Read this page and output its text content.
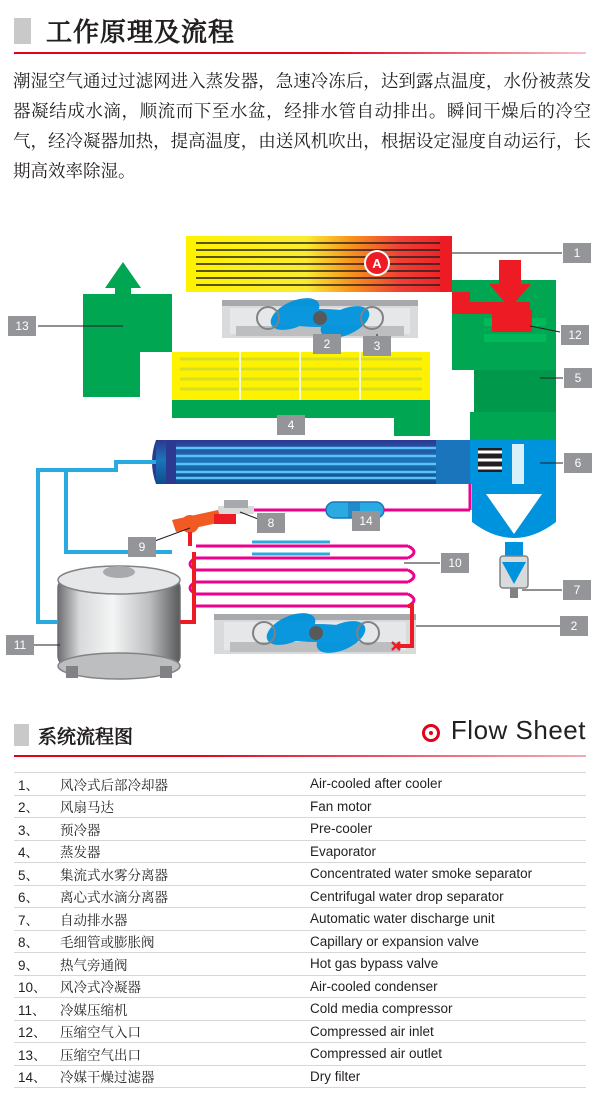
工作原理及流程
潮湿空气通过过滤网进入蒸发器，急速冷冻后，达到露点温度，水份被蒸发器凝结成水滴，顺流而下至水盆，经排水管自动排出。瞬间干燥后的冷空气，经冷凝器加热，提高温度，由送风机吹出，根据设定湿度自动运行，长期高效率除湿。
A
1
2	3
4
5
6
7
8
9
10
11
12
13
14
2
系统流程图	Flow Sheet
1、	风冷式后部冷却器	Air-cooled after cooler
2、	风扇马达	Fan motor
3、	预冷器	Pre-cooler
4、	蒸发器	Evaporator
5、	集流式水雾分离器	Concentrated water smoke separator
6、	离心式水滴分离器	Centrifugal water drop separator
7、	自动排水器	Automatic water discharge unit
8、	毛细管或膨胀阀	Capillary or expansion valve
9、	热气旁通阀	Hot gas bypass valve
10、	风冷式冷凝器	Air-cooled condenser
11、	冷媒压缩机	Cold media compressor
12、	压缩空气入口	Compressed air inlet
13、	压缩空气出口	Compressed air outlet
14、	冷媒干燥过滤器	Dry filter
